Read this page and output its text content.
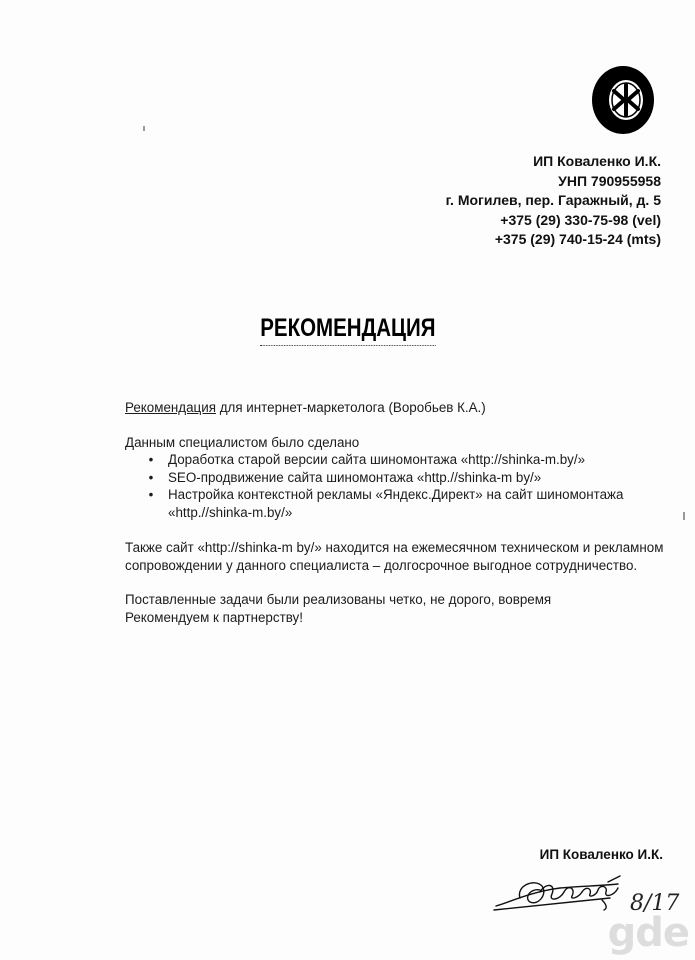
ИП Коваленко И.К.
УНП 790955958
г. Могилев, пер. Гаражный, д. 5
+375 (29) 330-75-98 (vel)
+375 (29) 740-15-24 (mts)
РЕКОМЕНДАЦИЯ

Рекомендация для интернет-маркетолога (Воробьев К.А.)

Данным специалистом было сделано

• Доработка старой версии сайта шиномонтажа «http://shinka-m.by/»
• SEO-продвижение сайта шиномонтажа «http.//shinka-m by/»
• Настройка контекстной рекламы «Яндекс.Директ» на сайт шиномонтажа «http.//shinka-m.by/»

Также сайт «http://shinka-m by/» находится на ежемесячном техническом и рекламном сопровождении у данного специалиста – долгосрочное выгодное сотрудничество.

Поставленные задачи были реализованы четко, не дорого, вовремя

Рекомендуем к партнерству!

ИП Коваленко И.К.
8/17
gde
